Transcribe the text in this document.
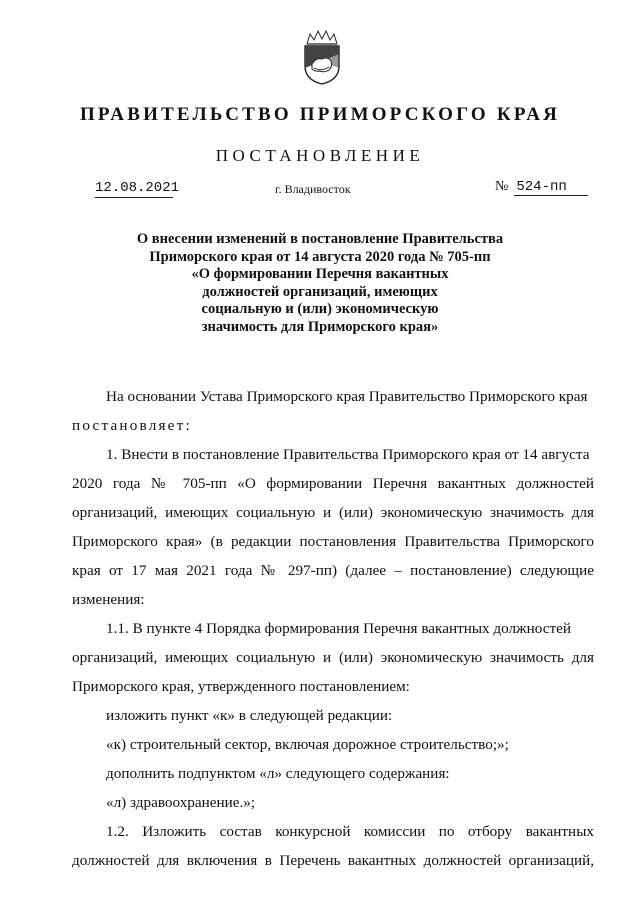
ПРАВИТЕЛЬСТВО ПРИМОРСКОГО КРАЯ
ПОСТАНОВЛЕНИЕ
12.08.2021	г. Владивосток	№ 524-пп
О внесении изменений в постановление Правительства
Приморского края от 14 августа 2020 года № 705-пп
«О формировании Перечня вакантных
должностей организаций, имеющих
социальную и (или) экономическую
значимость для Приморского края»
На основании Устава Приморского края Правительство Приморского края
постановляет:
1. Внести в постановление Правительства Приморского края от 14 августа
2020 года № 705-пп «О формировании Перечня вакантных должностей
организаций, имеющих социальную и (или) экономическую значимость для
Приморского края» (в редакции постановления Правительства Приморского
края от 17 мая 2021 года № 297-пп) (далее – постановление) следующие
изменения:
1.1. В пункте 4 Порядка формирования Перечня вакантных должностей
организаций, имеющих социальную и (или) экономическую значимость для
Приморского края, утвержденного постановлением:
изложить пункт «к» в следующей редакции:
«к) строительный сектор, включая дорожное строительство;»;
дополнить подпунктом «л» следующего содержания:
«л) здравоохранение.»;
1.2. Изложить состав конкурсной комиссии по отбору вакантных
должностей для включения в Перечень вакантных должностей организаций,
